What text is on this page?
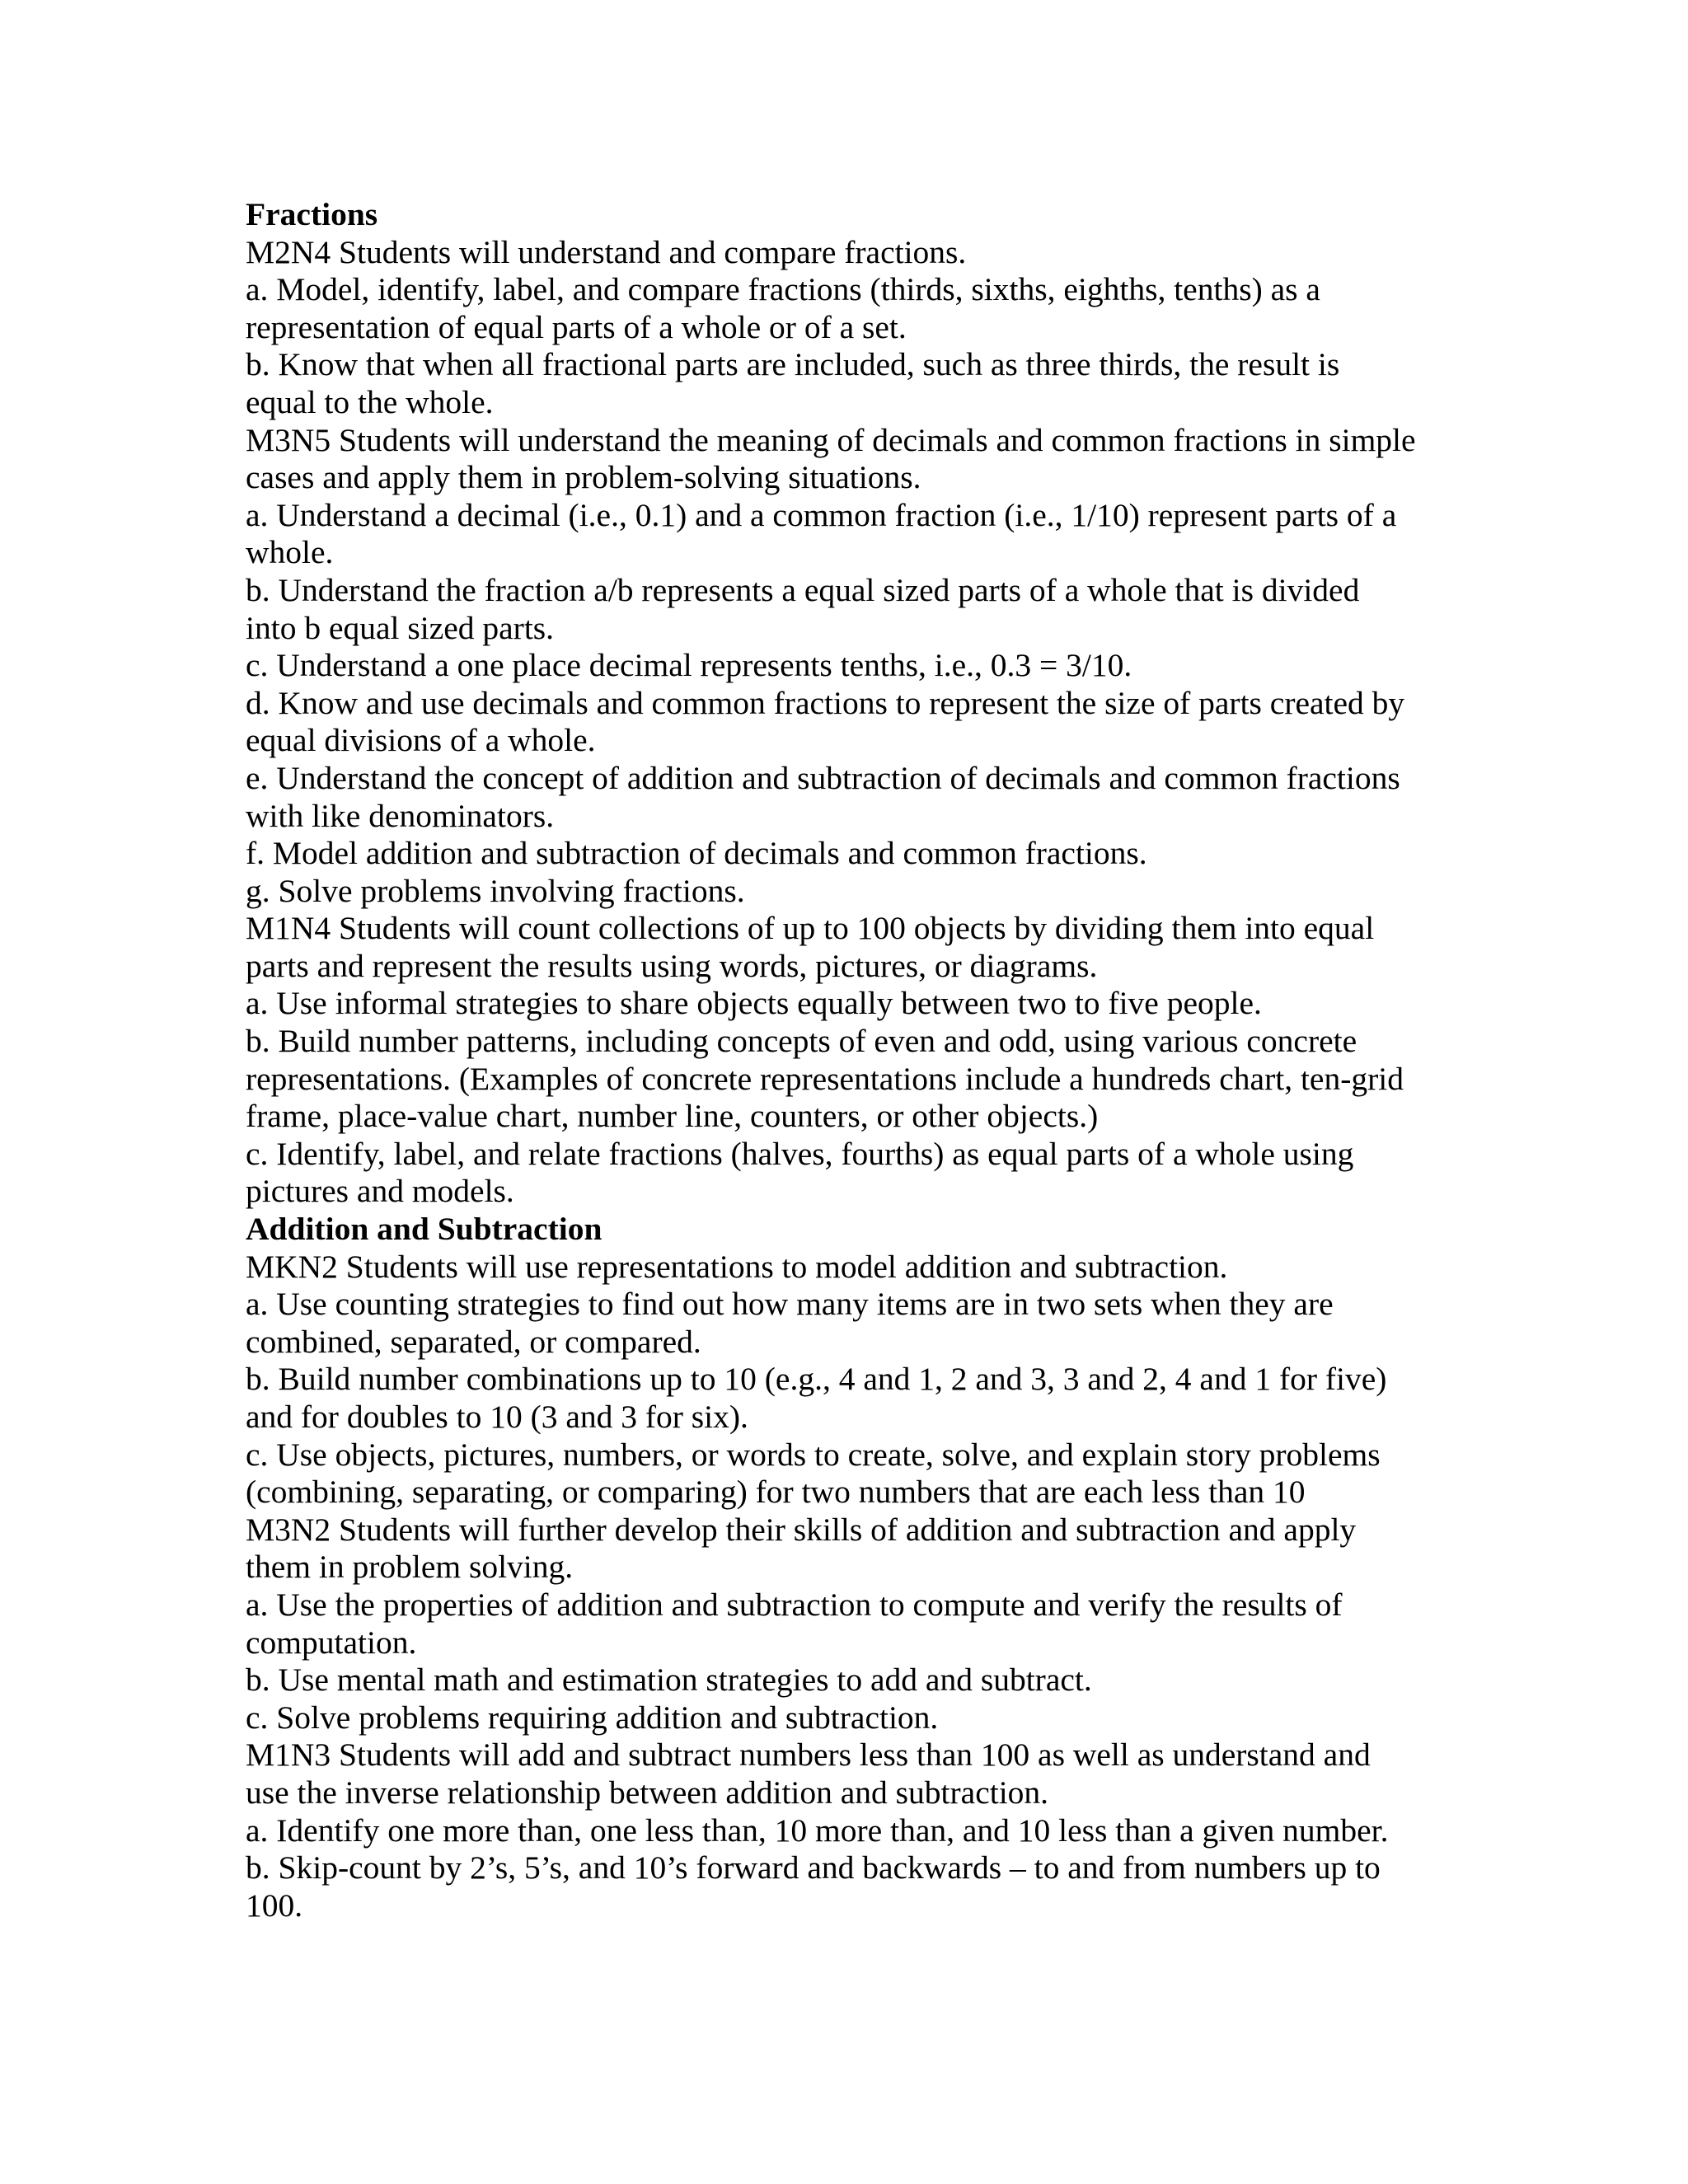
Fractions

M2N4 Students will understand and compare fractions.

a. Model, identify, label, and compare fractions (thirds, sixths, eighths, tenths) as a

representation of equal parts of a whole or of a set.

b. Know that when all fractional parts are included, such as three thirds, the result is

equal to the whole.

M3N5 Students will understand the meaning of decimals and common fractions in simple

cases and apply them in problem-solving situations.

a. Understand a decimal (i.e., 0.1) and a common fraction (i.e., 1/10) represent parts of a

whole.

b. Understand the fraction a/b represents a equal sized parts of a whole that is divided

into b equal sized parts.

c. Understand a one place decimal represents tenths, i.e., 0.3 = 3/10.

d. Know and use decimals and common fractions to represent the size of parts created by

equal divisions of a whole.

e. Understand the concept of addition and subtraction of decimals and common fractions

with like denominators.

f. Model addition and subtraction of decimals and common fractions.

g. Solve problems involving fractions.

M1N4 Students will count collections of up to 100 objects by dividing them into equal

parts and represent the results using words, pictures, or diagrams.

a. Use informal strategies to share objects equally between two to five people.

b. Build number patterns, including concepts of even and odd, using various concrete

representations. (Examples of concrete representations include a hundreds chart, ten-grid

frame, place-value chart, number line, counters, or other objects.)

c. Identify, label, and relate fractions (halves, fourths) as equal parts of a whole using

pictures and models.

Addition and Subtraction

MKN2 Students will use representations to model addition and subtraction.

a. Use counting strategies to find out how many items are in two sets when they are

combined, separated, or compared.

b. Build number combinations up to 10 (e.g., 4 and 1, 2 and 3, 3 and 2, 4 and 1 for five)

and for doubles to 10 (3 and 3 for six).

c. Use objects, pictures, numbers, or words to create, solve, and explain story problems

(combining, separating, or comparing) for two numbers that are each less than 10

M3N2 Students will further develop their skills of addition and subtraction and apply

them in problem solving.

a. Use the properties of addition and subtraction to compute and verify the results of

computation.

b. Use mental math and estimation strategies to add and subtract.

c. Solve problems requiring addition and subtraction.

M1N3 Students will add and subtract numbers less than 100 as well as understand and

use the inverse relationship between addition and subtraction.

a. Identify one more than, one less than, 10 more than, and 10 less than a given number.

b. Skip-count by 2’s, 5’s, and 10’s forward and backwards – to and from numbers up to

100.
